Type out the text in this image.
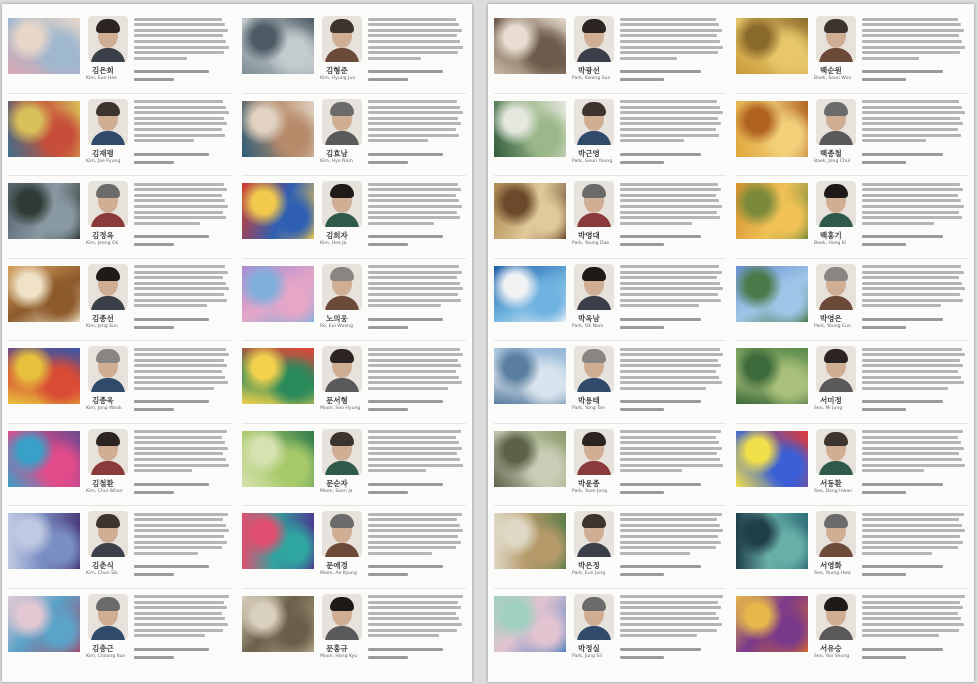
김은희
Kim, Eun Hee
김재평
Kim, Jae Pyung
김정옥
Kim, Jeong Ok
김종선
Kim, Jong Sun
김종욱
Kim, Jong Wook
김철환
Kim, Chul Whan
김춘식
Kim, Chun Sik
김충근
Kim, Choong Kun
김형준
Kim, Hyung Jun
김효남
Kim, Hyo Nam
김희자
Kim, Hee Ja
노의웅
Ro, Eui Woong
문서형
Moon, Seo Hyung
문순자
Moon, Soon Ja
문애경
Moon, Ae Kyung
문홍규
Moon, Hong Kyu
박광선
Park, Kwang Sun
박근영
Park, Geun Young
박영대
Park, Young Dae
박옥남
Park, Ok Nam
박용태
Park, Yong Tae
박윤종
Park, Yoon Jong
박은정
Park, Eun Jung
박정실
Park, Jung Sil
백순원
Baek, Soon Won
백종철
Baek, Jong Chul
백홍기
Baek, Hong Ki
박영은
Park, Young Eun
서미정
Seo, Mi Jung
서동환
Seo, Dong Hwan
서영화
Seo, Young Hwa
서유승
Seo, Yoo Seung
